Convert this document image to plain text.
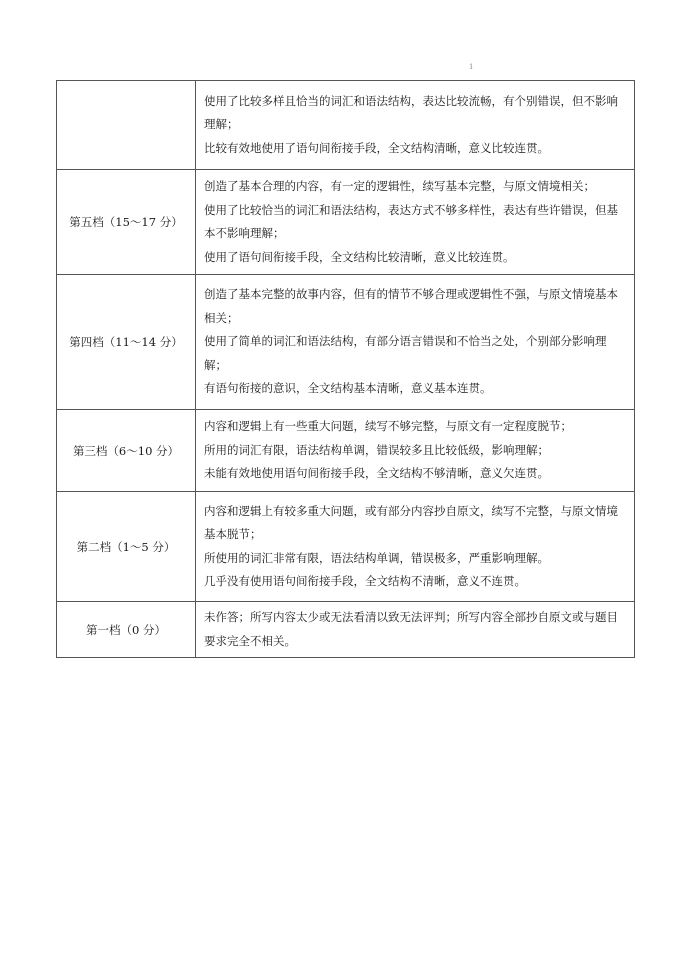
1

	使用了比较多样且恰当的词汇和语法结构，表达比较流畅，有个别错误，但不影响理解；

比较有效地使用了语句间衔接手段，全文结构清晰，意义比较连贯。

第五档（15～17 分）	创造了基本合理的内容，有一定的逻辑性，续写基本完整，与原文情境相关；

使用了比较恰当的词汇和语法结构，表达方式不够多样性，表达有些许错误，但基本不影响理解；

使用了语句间衔接手段，全文结构比较清晰，意义比较连贯。

第四档（11～14 分）	创造了基本完整的故事内容，但有的情节不够合理或逻辑性不强，与原文情境基本相关；

使用了简单的词汇和语法结构，有部分语言错误和不恰当之处，个别部分影响理解；

有语句衔接的意识，全文结构基本清晰，意义基本连贯。

第三档（6～10 分）	内容和逻辑上有一些重大问题，续写不够完整，与原文有一定程度脱节；

所用的词汇有限，语法结构单调，错误较多且比较低级，影响理解；

未能有效地使用语句间衔接手段，全文结构不够清晰，意义欠连贯。

第二档（1～5 分）	内容和逻辑上有较多重大问题，或有部分内容抄自原文，续写不完整，与原文情境基本脱节；

所使用的词汇非常有限，语法结构单调，错误极多，严重影响理解。

几乎没有使用语句间衔接手段，全文结构不清晰，意义不连贯。

第一档（0 分）	未作答；所写内容太少或无法看清以致无法评判；所写内容全部抄自原文或与题目要求完全不相关。
